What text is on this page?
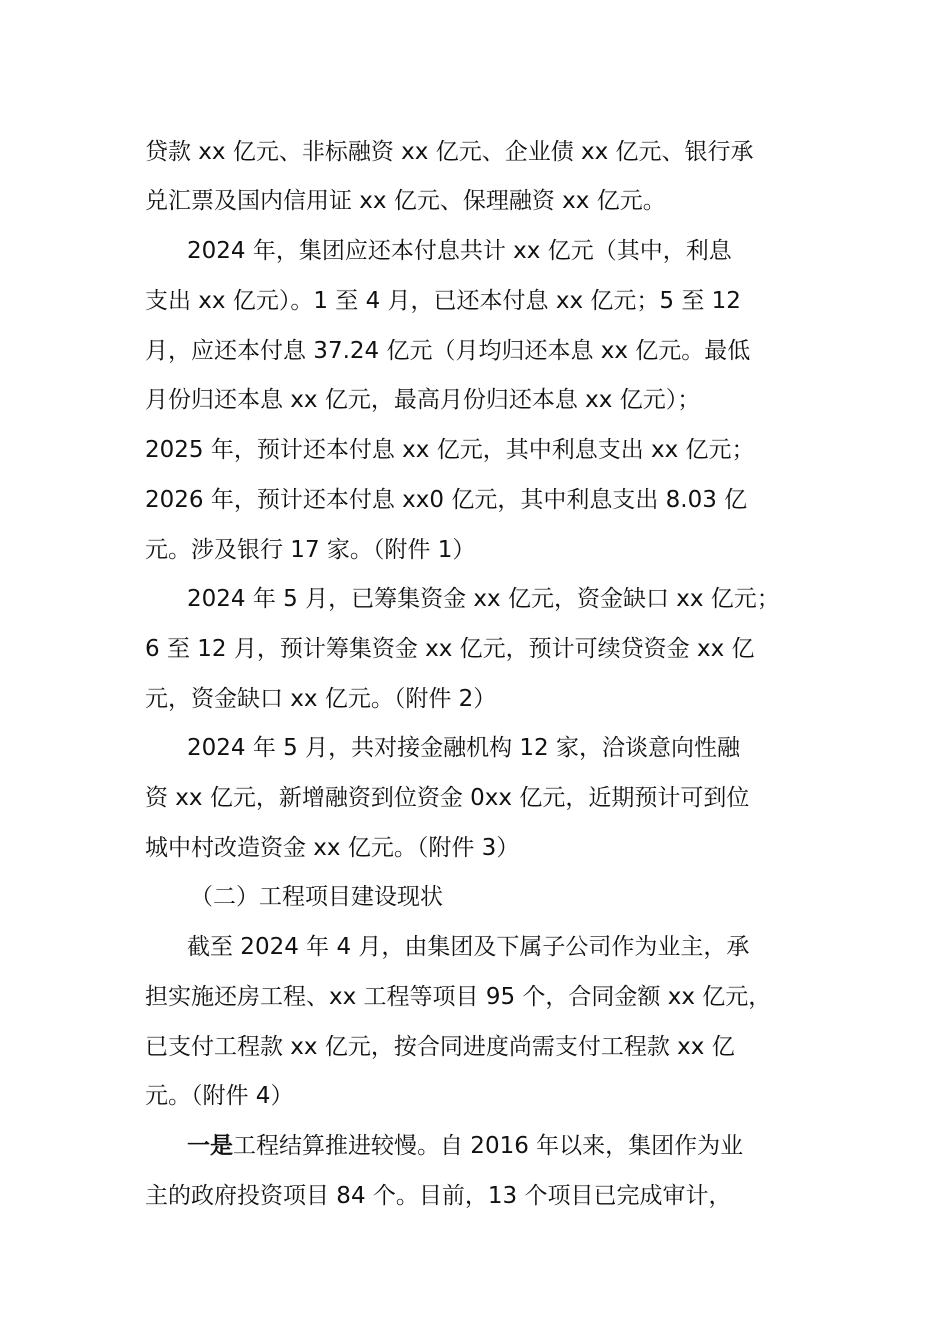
贷款 xx 亿元、非标融资 xx 亿元、企业债 xx 亿元、银行承
兑汇票及国内信用证 xx 亿元、保理融资 xx 亿元。
2024 年，集团应还本付息共计 xx 亿元（其中，利息
支出 xx 亿元）。1 至 4 月，已还本付息 xx 亿元；5 至 12
月，应还本付息 37.24 亿元（月均归还本息 xx 亿元。最低
月份归还本息 xx 亿元，最高月份归还本息 xx 亿元）；
2025 年，预计还本付息 xx 亿元，其中利息支出 xx 亿元；
2026 年，预计还本付息 xx0 亿元，其中利息支出 8.03 亿
元。涉及银行 17 家。（附件 1）
2024 年 5 月，已筹集资金 xx 亿元，资金缺口 xx 亿元；
6 至 12 月，预计筹集资金 xx 亿元，预计可续贷资金 xx 亿
元，资金缺口 xx 亿元。（附件 2）
2024 年 5 月，共对接金融机构 12 家，洽谈意向性融
资 xx 亿元，新增融资到位资金 0xx 亿元，近期预计可到位
城中村改造资金 xx 亿元。（附件 3）
（二）工程项目建设现状
截至 2024 年 4 月，由集团及下属子公司作为业主，承
担实施还房工程、xx 工程等项目 95 个，合同金额 xx 亿元，
已支付工程款 xx 亿元，按合同进度尚需支付工程款 xx 亿
元。（附件 4）
一是工程结算推进较慢。自 2016 年以来，集团作为业
主的政府投资项目 84 个。目前，13 个项目已完成审计，
